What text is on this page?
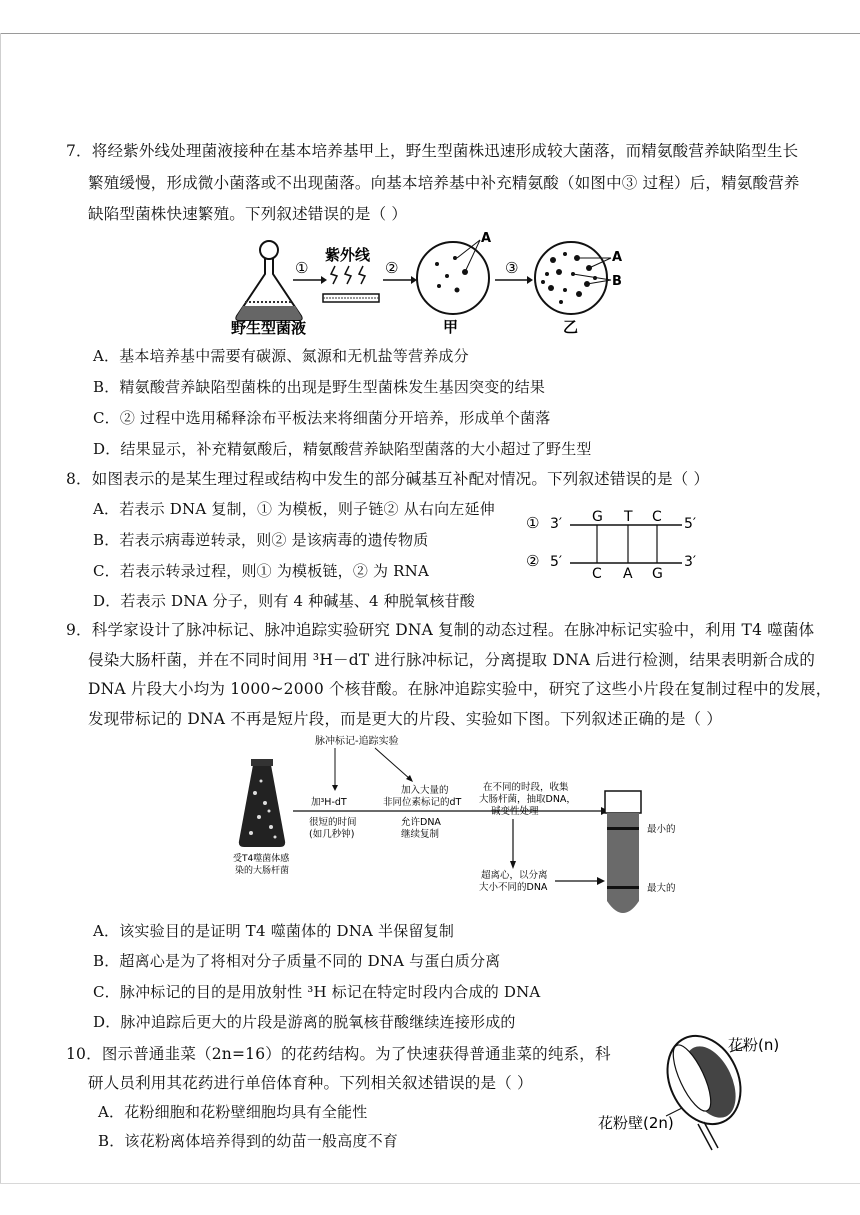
7．将经紫外线处理菌液接种在基本培养基甲上，野生型菌株迅速形成较大菌落，而精氨酸营养缺陷型生长
繁殖缓慢，形成微小菌落或不出现菌落。向基本培养基中补充精氨酸（如图中③ 过程）后，精氨酸营养
缺陷型菌株快速繁殖。下列叙述错误的是（ ）
野生型菌液
①
紫外线
②
A
甲
③
A
B
乙
A．基本培养基中需要有碳源、氮源和无机盐等营养成分
B．精氨酸营养缺陷型菌株的出现是野生型菌株发生基因突变的结果
C．② 过程中选用稀释涂布平板法来将细菌分开培养，形成单个菌落
D．结果显示，补充精氨酸后，精氨酸营养缺陷型菌落的大小超过了野生型
8．如图表示的是某生理过程或结构中发生的部分碱基互补配对情况。下列叙述错误的是（ ）
A．若表示 DNA 复制，① 为模板，则子链② 从右向左延伸
B．若表示病毒逆转录，则② 是该病毒的遗传物质
C．若表示转录过程，则① 为模板链，② 为 RNA
D．若表示 DNA 分子，则有 4 种碱基、4 种脱氧核苷酸
① 3′	5′
G T C
② 5′	3′
C A G
9．科学家设计了脉冲标记、脉冲追踪实验研究 DNA 复制的动态过程。在脉冲标记实验中，利用 T4 噬菌体
侵染大肠杆菌，并在不同时间用 ³H－dT 进行脉冲标记，分离提取 DNA 后进行检测，结果表明新合成的
DNA 片段大小均为 1000~2000 个核苷酸。在脉冲追踪实验中，研究了这些小片段在复制过程中的发展，
发现带标记的 DNA 不再是短片段，而是更大的片段、实验如下图。下列叙述正确的是（ ）
脉冲标记-追踪实验
受T4噬菌体感
染的大肠杆菌
加³H-dT
很短的时间
(如几秒钟)
加入大量的
非同位素标记的dT
允许DNA
继续复制
在不同的时段，收集
大肠杆菌，抽取DNA，
碱变性处理
超离心，以分离
大小不同的DNA
最小的
最大的
A．该实验目的是证明 T4 噬菌体的 DNA 半保留复制
B．超离心是为了将相对分子质量不同的 DNA 与蛋白质分离
C．脉冲标记的目的是用放射性 ³H 标记在特定时段内合成的 DNA
D．脉冲追踪后更大的片段是游离的脱氧核苷酸继续连接形成的
10．图示普通韭菜（2n=16）的花药结构。为了快速获得普通韭菜的纯系，科
研人员利用其花药进行单倍体育种。下列相关叙述错误的是（ ）
A．花粉细胞和花粉壁细胞均具有全能性
B．该花粉离体培养得到的幼苗一般高度不育
花粉(n)
花粉壁(2n)
